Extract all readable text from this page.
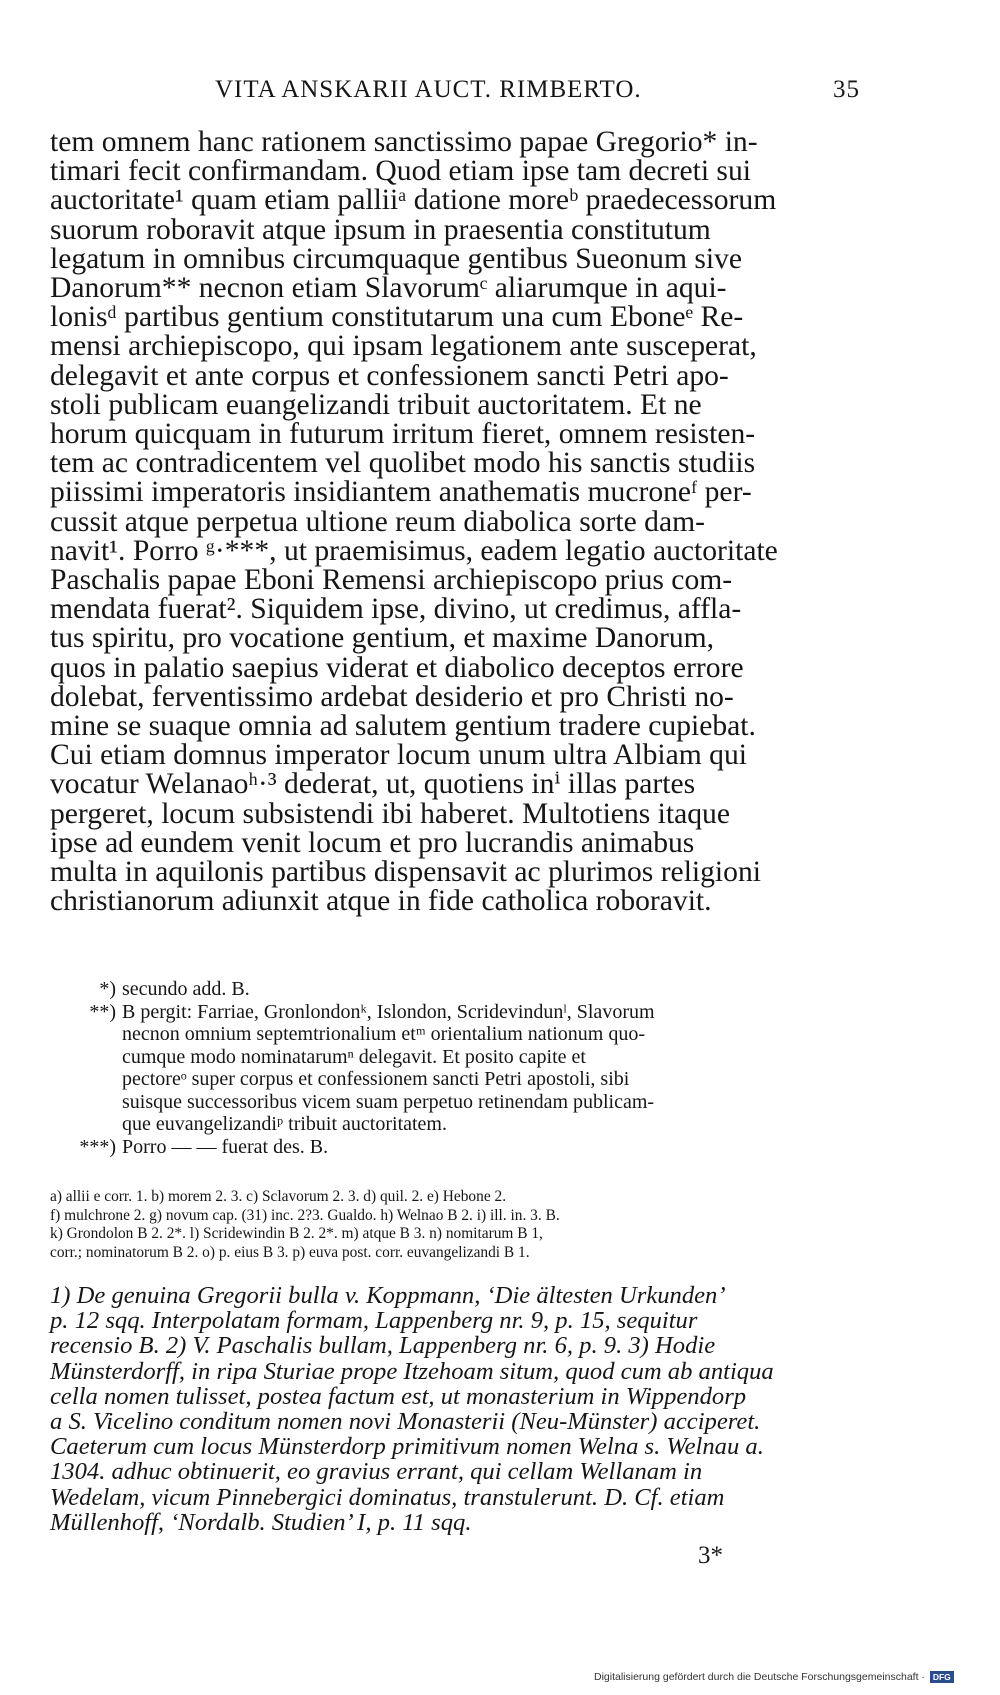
VITA ANSKARII AUCT. RIMBERTO.	35
tem omnem hanc rationem sanctissimo papae Gregorio* in-
timari fecit confirmandam. Quod etiam ipse tam decreti sui
auctoritate¹ quam etiam palliiᵃ datione moreᵇ praedecessorum
suorum roboravit atque ipsum in praesentia constitutum
legatum in omnibus circumquaque gentibus Sueonum sive
Danorum** necnon etiam Slavorumᶜ aliarumque in aqui-
lonisᵈ partibus gentium constitutarum una cum Eboneᵉ Re-
mensi archiepiscopo, qui ipsam legationem ante susceperat,
delegavit et ante corpus et confessionem sancti Petri apo-
stoli publicam euangelizandi tribuit auctoritatem. Et ne
horum quicquam in futurum irritum fieret, omnem resisten-
tem ac contradicentem vel quolibet modo his sanctis studiis
piissimi imperatoris insidiantem anathematis mucroneᶠ per-
cussit atque perpetua ultione reum diabolica sorte dam-
navit¹. Porro ᵍ·***, ut praemisimus, eadem legatio auctoritate
Paschalis papae Eboni Remensi archiepiscopo prius com-
mendata fuerat². Siquidem ipse, divino, ut credimus, affla-
tus spiritu, pro vocatione gentium, et maxime Danorum,
quos in palatio saepius viderat et diabolico deceptos errore
dolebat, ferventissimo ardebat desiderio et pro Christi no-
mine se suaque omnia ad salutem gentium tradere cupiebat.
Cui etiam domnus imperator locum unum ultra Albiam qui
vocatur Welanaoʰ·³ dederat, ut, quotiens inⁱ illas partes
pergeret, locum subsistendi ibi haberet. Multotiens itaque
ipse ad eundem venit locum et pro lucrandis animabus
multa in aquilonis partibus dispensavit ac plurimos religioni
christianorum adiunxit atque in fide catholica roboravit.
*) secundo add. B.
**) B pergit: Farriae, Gronlondonᵏ, Islondon, Scridevindunˡ, Slavorum
necnon omnium septemtrionalium etᵐ orientalium nationum quo-
cumque modo nominatarumⁿ delegavit. Et posito capite et
pectoreᵒ super corpus et confessionem sancti Petri apostoli, sibi
suisque successoribus vicem suam perpetuo retinendam publicam-
que euvangelizandiᵖ tribuit auctoritatem.
***) Porro — — fuerat des. B.
a) allii e corr. 1. b) morem 2. 3. c) Sclavorum 2. 3. d) quil. 2. e) Hebone 2.
f) mulchrone 2. g) novum cap. (31) inc. 2?3. Gualdo. h) Welnao B 2. i) ill. in. 3. B.
k) Grondolon B 2. 2*. l) Scridewindin B 2. 2*. m) atque B 3. n) nomitarum B 1,
corr.; nominatorum B 2. o) p. eius B 3. p) euva post. corr. euvangelizandi B 1.
1) De genuina Gregorii bulla v. Koppmann, ‘Die ältesten Urkunden’
p. 12 sqq. Interpolatam formam, Lappenberg nr. 9, p. 15, sequitur
recensio B. 2) V. Paschalis bullam, Lappenberg nr. 6, p. 9. 3) Hodie
Münsterdorff, in ripa Sturiae prope Itzehoam situm, quod cum ab antiqua
cella nomen tulisset, postea factum est, ut monasterium in Wippendorp
a S. Vicelino conditum nomen novi Monasterii (Neu-Münster) acciperet.
Caeterum cum locus Münsterdorp primitivum nomen Welna s. Welnau a.
1304. adhuc obtinuerit, eo gravius errant, qui cellam Wellanam in
Wedelam, vicum Pinnebergici dominatus, transtulerunt. D. Cf. etiam
Müllenhoff, ‘Nordalb. Studien’ I, p. 11 sqq.
3*
Digitalisierung gefördert durch die Deutsche Forschungsgemeinschaft · DFG
